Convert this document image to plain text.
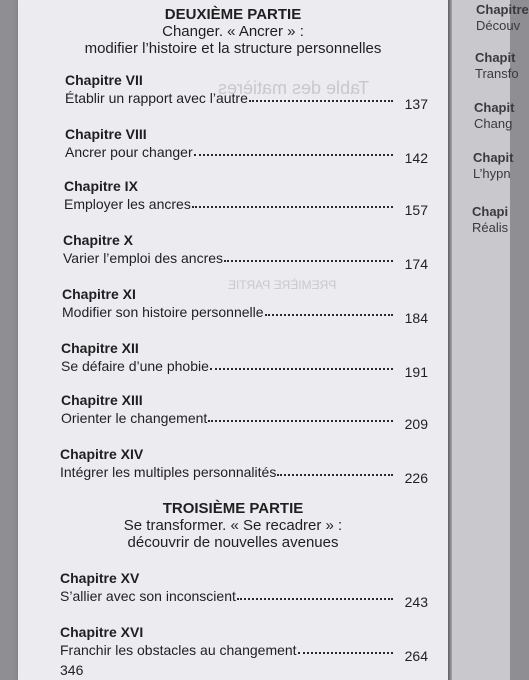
Table des matières
PREMIÈRE PARTIE
DEUXIÈME PARTIE
Changer. « Ancrer » :
modifier l’histoire et la structure personnelles
Chapitre VII
Établir un rapport avec l’autre	137
Chapitre VIII
Ancrer pour changer	142
Chapitre IX
Employer les ancres	157
Chapitre X
Varier l’emploi des ancres	174
Chapitre XI
Modifier son histoire personnelle	184
Chapitre XII
Se défaire d’une phobie	191
Chapitre XIII
Orienter le changement	209
Chapitre XIV
Intégrer les multiples personnalités	226
TROISIÈME PARTIE
Se transformer. « Se recadrer » :
découvrir de nouvelles avenues
Chapitre XV
S’allier avec son inconscient	243
Chapitre XVI
Franchir les obstacles au changement	264
346
Chapitre
Découv
Chapit
Transfo
Chapit
Chang
Chapit
L’hypn
Chapi
Réalis
